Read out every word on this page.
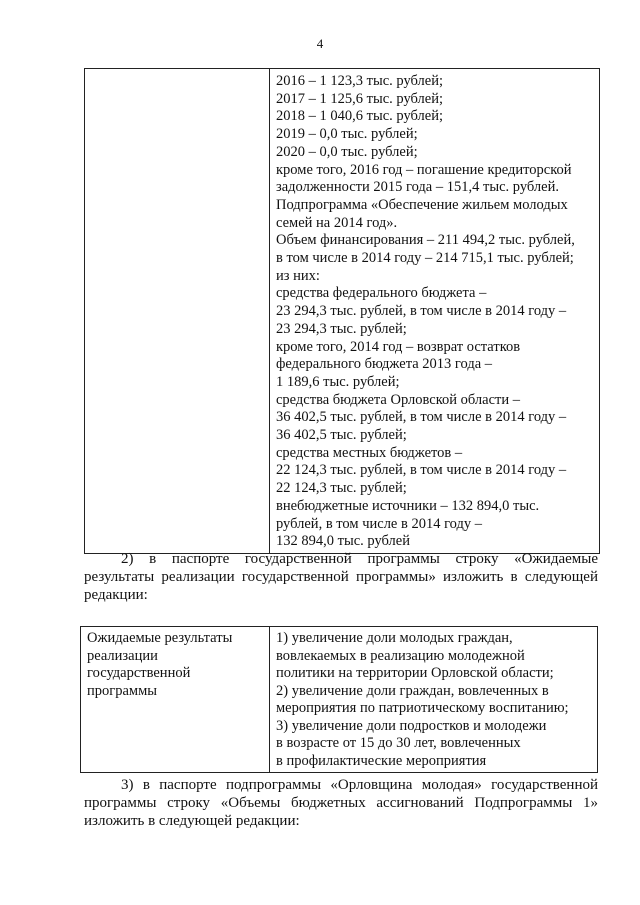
4

2016 – 1 123,3 тыс. рублей;
2017 – 1 125,6 тыс. рублей;
2018 – 1 040,6 тыс. рублей;
2019 – 0,0 тыс. рублей;
2020 – 0,0 тыс. рублей;
кроме того, 2016 год – погашение кредиторской
задолженности 2015 года – 151,4 тыс. рублей.
Подпрограмма «Обеспечение жильем молодых
семей на 2014 год».
Объем финансирования – 211 494,2 тыс. рублей,
в том числе в 2014 году – 214 715,1 тыс. рублей;
из них:
средства федерального бюджета –
23 294,3 тыс. рублей, в том числе в 2014 году –
23 294,3 тыс. рублей;
кроме того, 2014 год – возврат остатков
федерального бюджета 2013 года –
1 189,6 тыс. рублей;
средства бюджета Орловской области –
36 402,5 тыс. рублей, в том числе в 2014 году –
36 402,5 тыс. рублей;
средства местных бюджетов –
22 124,3 тыс. рублей, в том числе в 2014 году –
22 124,3 тыс. рублей;
внебюджетные источники – 132 894,0 тыс.
рублей, в том числе в 2014 году –
132 894,0 тыс. рублей

2) в паспорте государственной программы строку «Ожидаемые результаты реализации государственной программы» изложить в следующей редакции:

Ожидаемые результаты
реализации
государственной
программы

1) увеличение доли молодых граждан,
вовлекаемых в реализацию молодежной
политики на территории Орловской области;
2) увеличение доли граждан, вовлеченных в
мероприятия по патриотическому воспитанию;
3) увеличение доли подростков и молодежи
в возрасте от 15 до 30 лет, вовлеченных
в профилактические мероприятия

3) в паспорте подпрограммы «Орловщина молодая» государственной программы строку «Объемы бюджетных ассигнований Подпрограммы 1» изложить в следующей редакции:
